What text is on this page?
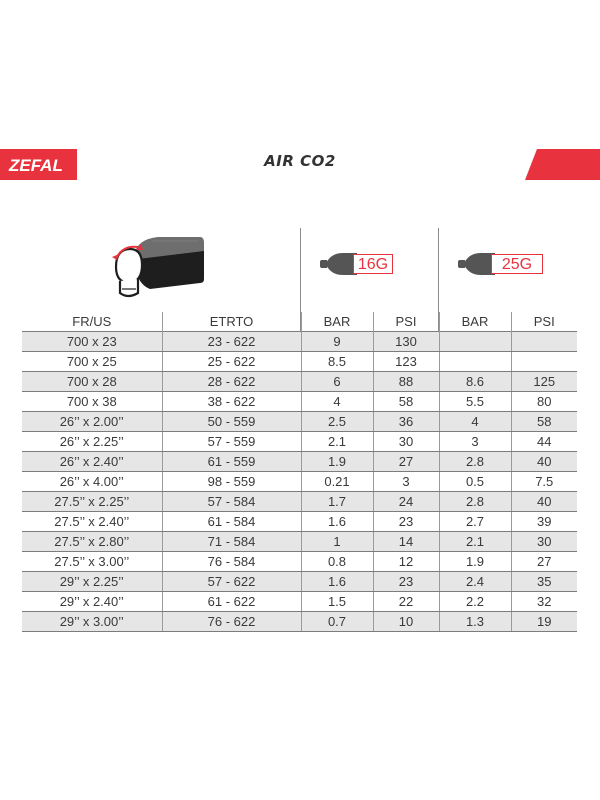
ZEFAL	AIR CO2
16G	25G
FR/US	ETRTO	BAR	PSI	BAR	PSI
700 x 23	23 - 622	9	130		
700 x 25	25 - 622	8.5	123		
700 x 28	28 - 622	6	88	8.6	125
700 x 38	38 - 622	4	58	5.5	80
26’’ x 2.00’’	50 - 559	2.5	36	4	58
26’’ x 2.25’’	57 - 559	2.1	30	3	44
26’’ x 2.40’’	61 - 559	1.9	27	2.8	40
26’’ x 4.00’’	98 - 559	0.21	3	0.5	7.5
27.5’’ x 2.25’’	57 - 584	1.7	24	2.8	40
27.5’’ x 2.40’’	61 - 584	1.6	23	2.7	39
27.5’’ x 2.80’’	71 - 584	1	14	2.1	30
27.5’’ x 3.00’’	76 - 584	0.8	12	1.9	27
29’’ x 2.25’’	57 - 622	1.6	23	2.4	35
29’’ x 2.40’’	61 - 622	1.5	22	2.2	32
29’’ x 3.00’’	76 - 622	0.7	10	1.3	19
